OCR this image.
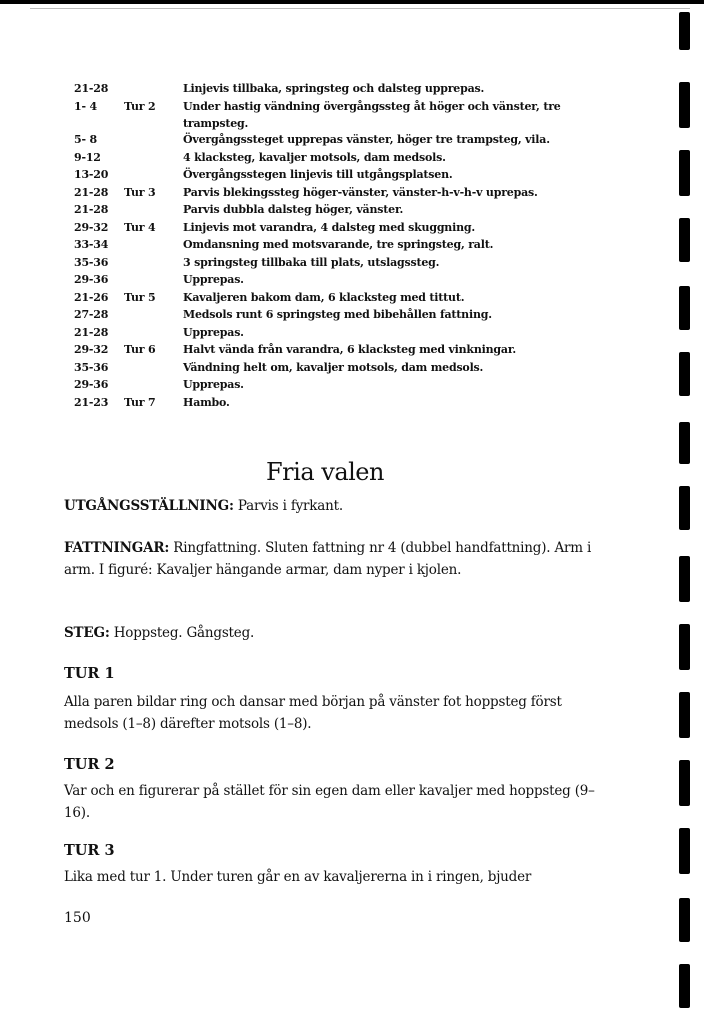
21-28	Linjevis tillbaka, springsteg och dalsteg upprepas.
1- 4	Tur 2	Under hastig vändning övergångssteg åt höger och vänster, tre
trampsteg.
5- 8	Övergångssteget upprepas vänster, höger tre trampsteg, vila.
9-12	4 klacksteg, kavaljer motsols, dam medsols.
13-20	Övergångsstegen linjevis till utgångsplatsen.
21-28	Tur 3	Parvis blekingssteg höger-vänster, vänster-h-v-h-v uprepas.
21-28	Parvis dubbla dalsteg höger, vänster.
29-32	Tur 4	Linjevis mot varandra, 4 dalsteg med skuggning.
33-34	Omdansning med motsvarande, tre springsteg, ralt.
35-36	3 springsteg tillbaka till plats, utslagssteg.
29-36	Upprepas.
21-26	Tur 5	Kavaljeren bakom dam, 6 klacksteg med tittut.
27-28	Medsols runt 6 springsteg med bibehållen fattning.
21-28	Upprepas.
29-32	Tur 6	Halvt vända från varandra, 6 klacksteg med vinkningar.
35-36	Vändning helt om, kavaljer motsols, dam medsols.
29-36	Upprepas.
21-23	Tur 7	Hambo.
Fria valen
UTGÅNGSSTÄLLNING: Parvis i fyrkant.
FATTNINGAR: Ringfattning. Sluten fattning nr 4 (dubbel handfattning). Arm i arm. I figuré: Kavaljer hängande armar, dam nyper i kjolen.
STEG: Hoppsteg. Gångsteg.
TUR 1
Alla paren bildar ring och dansar med början på vänster fot hoppsteg först medsols (1–8) därefter motsols (1–8).
TUR 2
Var och en figurerar på stället för sin egen dam eller kavaljer med hoppsteg (9–16).
TUR 3
Lika med tur 1. Under turen går en av kavaljererna in i ringen, bjuder
150
